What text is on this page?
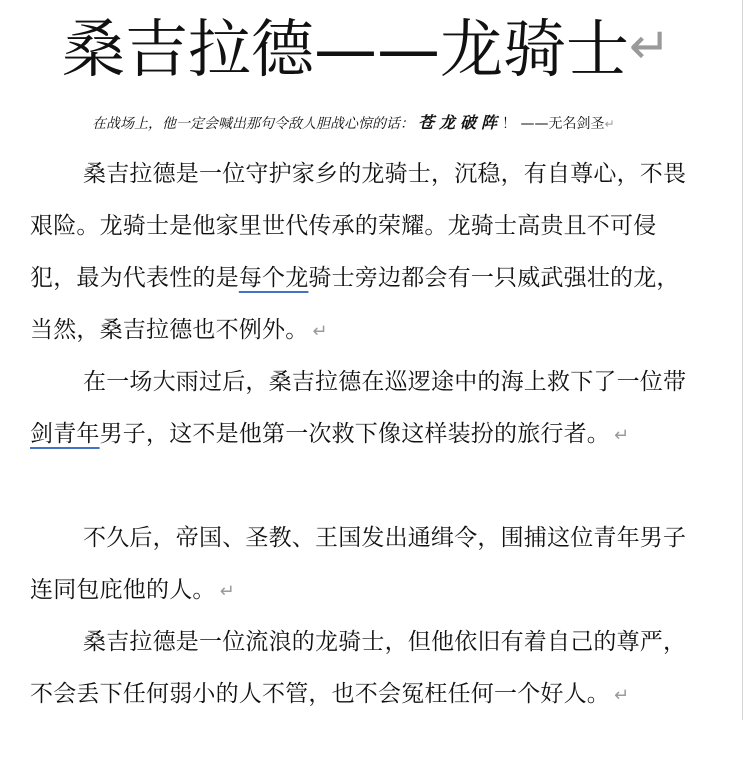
桑吉拉德——龙骑士↵
在战场上，他一定会喊出那句令敌人胆战心惊的话： 苍龙破阵！ ——无名剑圣↵

桑吉拉德是一位守护家乡的龙骑士，沉稳，有自尊心，不畏艰险。龙骑士是他家里世代传承的荣耀。龙骑士高贵且不可侵犯，最为代表性的是每个龙骑士旁边都会有一只威武强壮的龙，当然，桑吉拉德也不例外。 ↵

在一场大雨过后，桑吉拉德在巡逻途中的海上救下了一位带剑青年男子，这不是他第一次救下像这样装扮的旅行者。 ↵

不久后，帝国、圣教、王国发出通缉令，围捕这位青年男子连同包庇他的人。 ↵

桑吉拉德是一位流浪的龙骑士，但他依旧有着自己的尊严，不会丢下任何弱小的人不管，也不会冤枉任何一个好人。 ↵
